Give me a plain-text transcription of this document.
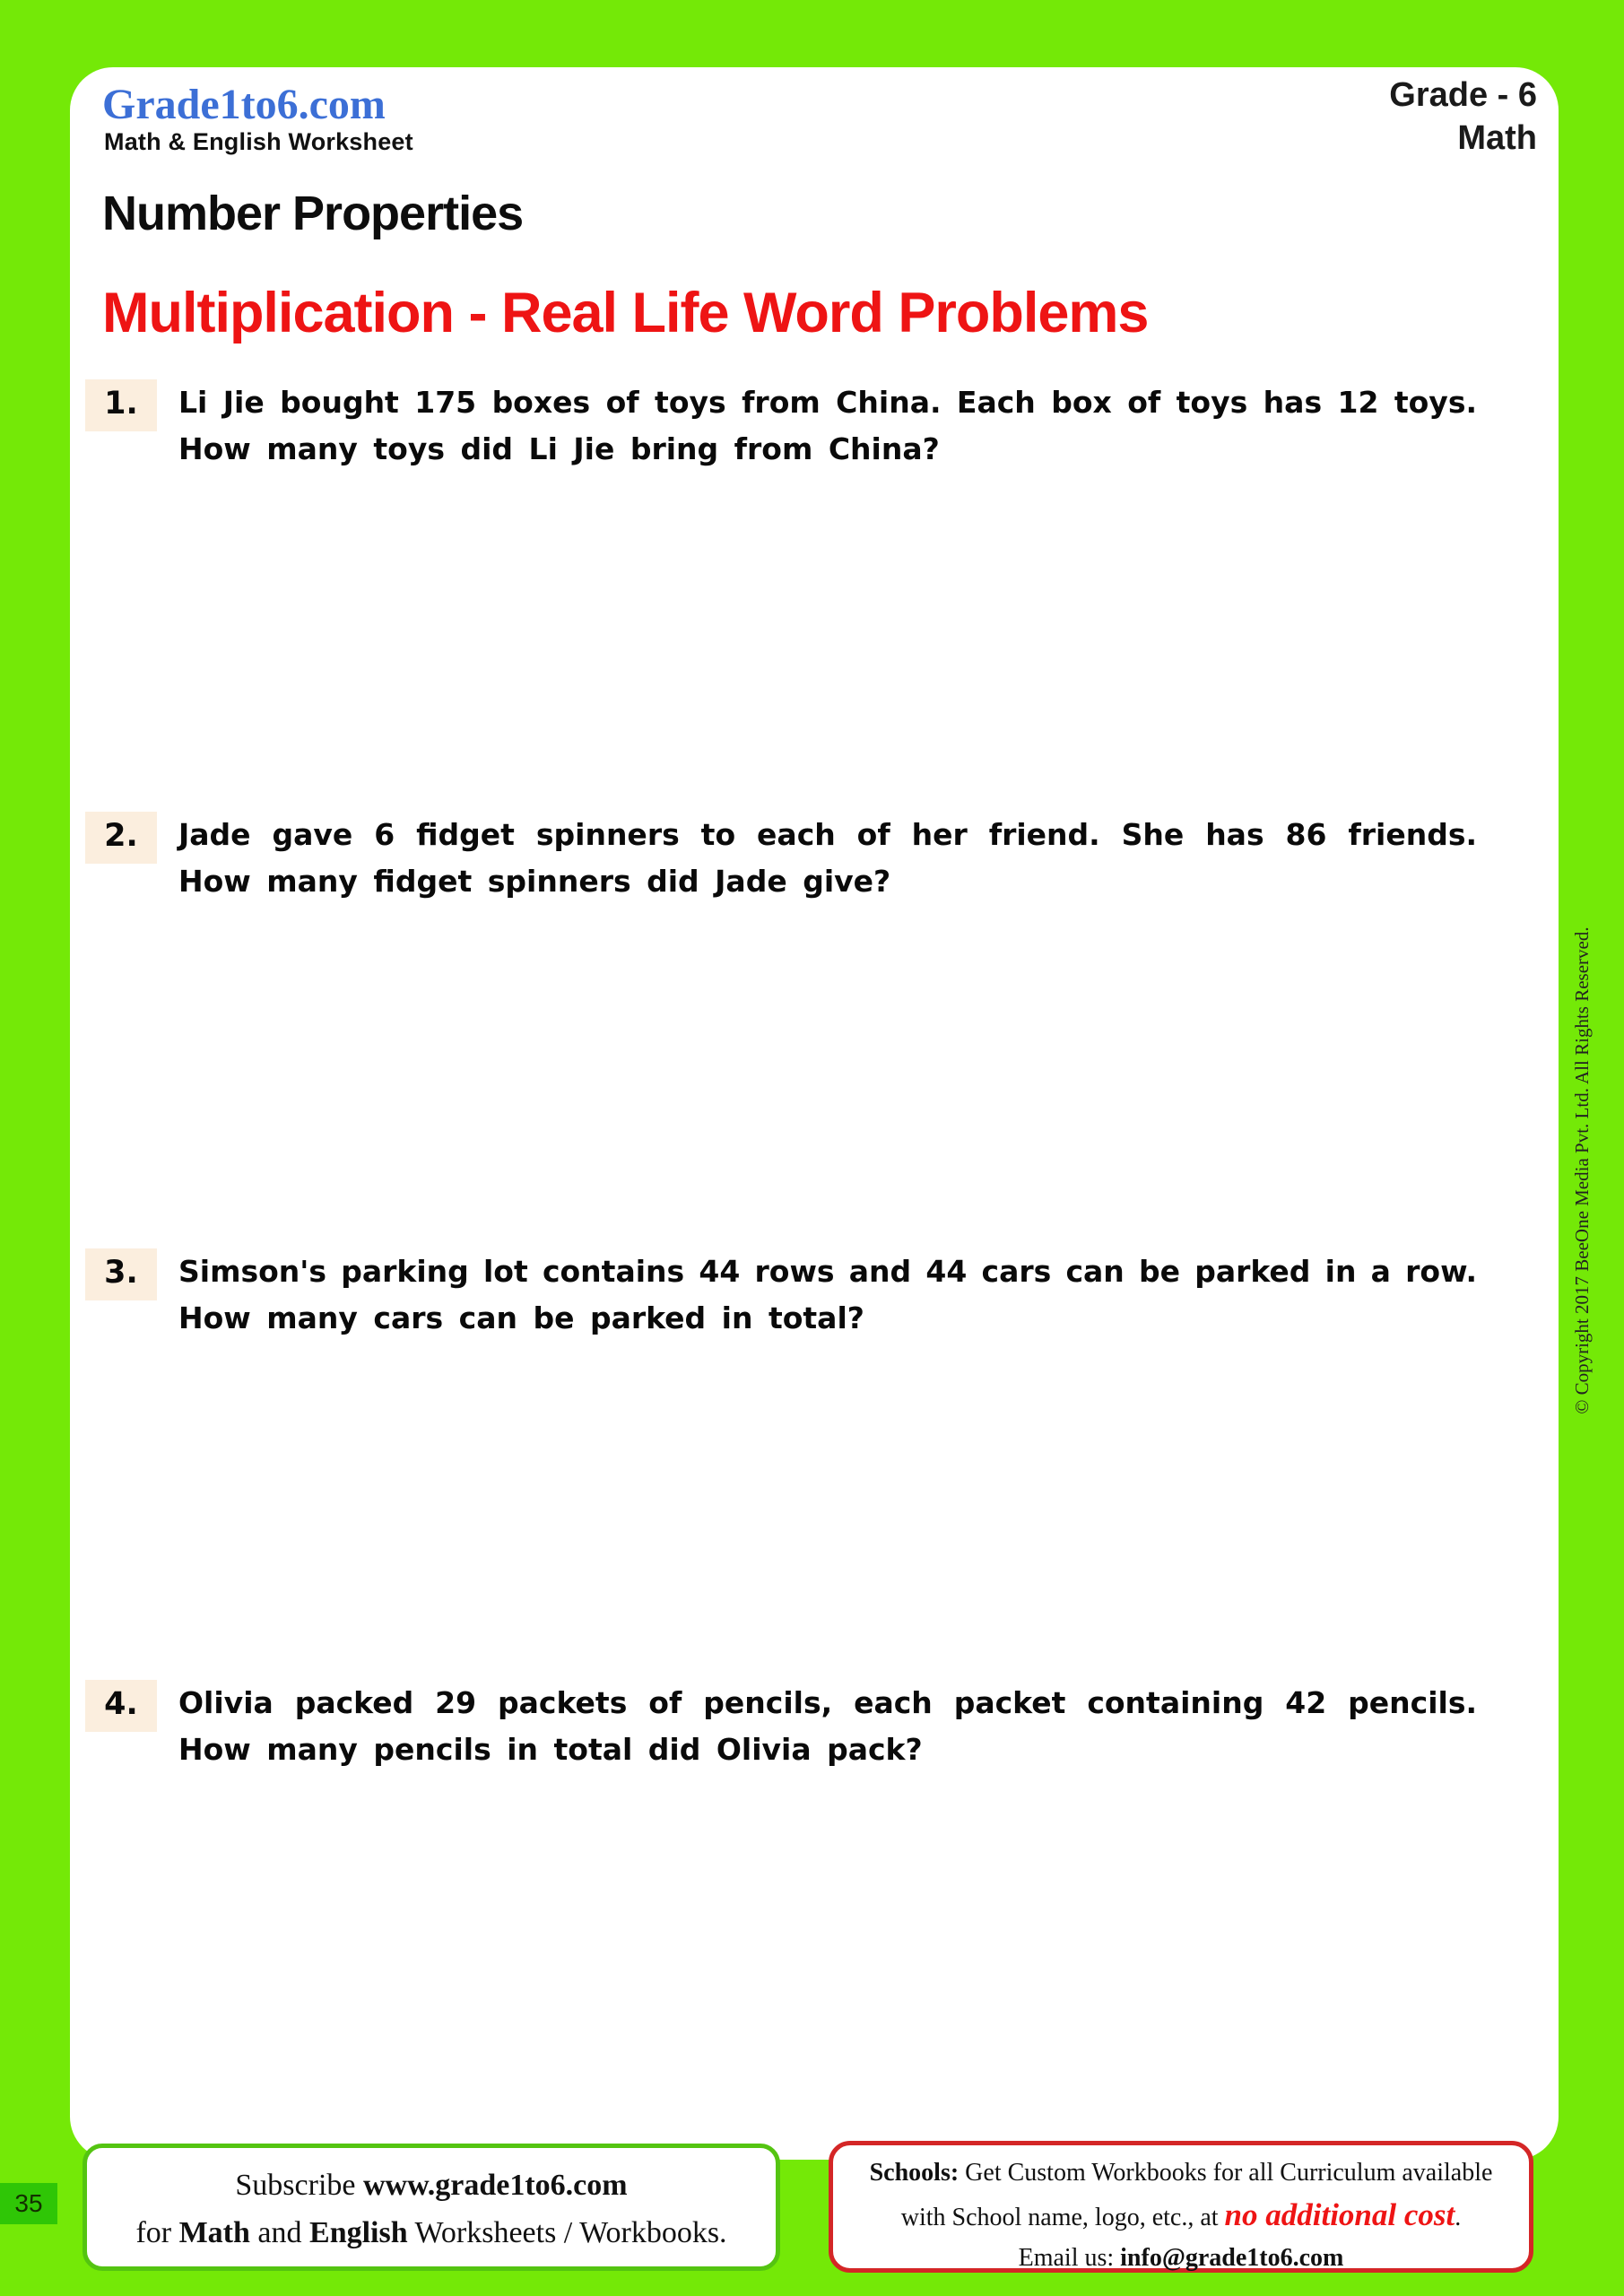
Grade1to6.com
Math & English Worksheet
Grade - 6
Math
Number Properties
Multiplication - Real Life Word Problems
1.	Li Jie bought 175 boxes of toys from China. Each box of toys has 12 toys.
How many toys did Li Jie bring from China?
2.	Jade gave 6 fidget spinners to each of her friend. She has 86 friends.
How many fidget spinners did Jade give?
3.	Simson's parking lot contains 44 rows and 44 cars can be parked in a row.
How many cars can be parked in total?
4.	Olivia packed 29 packets of pencils, each packet containing 42 pencils.
How many pencils in total did Olivia pack?
© Copyright 2017 BeeOne Media Pvt. Ltd. All Rights Reserved.
Subscribe www.grade1to6.com
for Math and English Worksheets / Workbooks.
Schools: Get Custom Workbooks for all Curriculum available
with School name, logo, etc., at no additional cost.
Email us: info@grade1to6.com
35
